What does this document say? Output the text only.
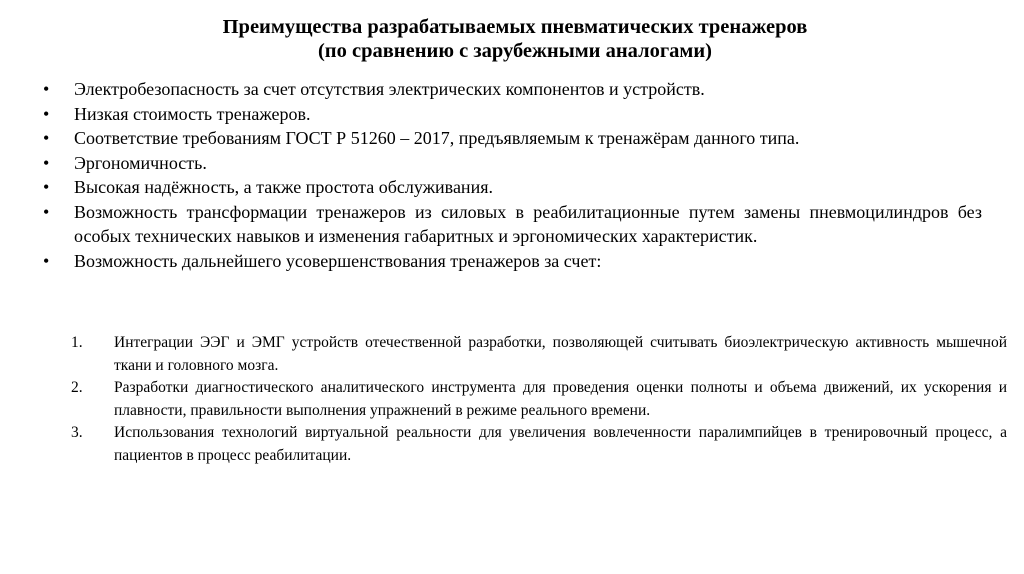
Преимущества разрабатываемых пневматических тренажеров
(по сравнению с зарубежными аналогами)
• Электробезопасность за счет отсутствия электрических компонентов и устройств.
• Низкая стоимость тренажеров.
• Соответствие требованиям ГОСТ Р 51260 – 2017, предъявляемым к тренажёрам данного типа.
• Эргономичность.
• Высокая надёжность, а также простота обслуживания.
• Возможность трансформации тренажеров из силовых в реабилитационные путем замены пневмоцилиндров без особых технических навыков и изменения габаритных и эргономических характеристик.
• Возможность дальнейшего усовершенствования тренажеров за счет:
1. Интеграции ЭЭГ и ЭМГ устройств отечественной разработки, позволяющей считывать биоэлектрическую активность мышечной ткани и головного мозга.
2. Разработки диагностического аналитического инструмента для проведения оценки полноты и объема движений, их ускорения и плавности, правильности выполнения упражнений в режиме реального времени.
3. Использования технологий виртуальной реальности для увеличения вовлеченности паралимпийцев в тренировочный процесс, а пациентов в процесс реабилитации.
